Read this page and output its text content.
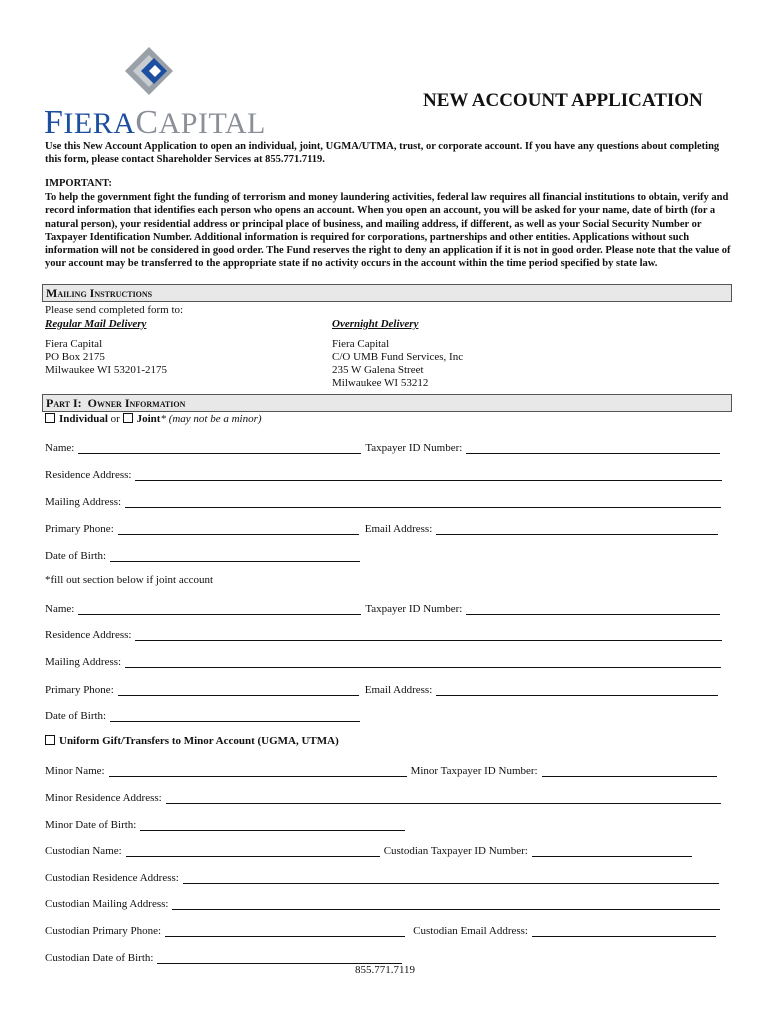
FIERACAPITAL
NEW ACCOUNT APPLICATION
Use this New Account Application to open an individual, joint, UGMA/UTMA, trust, or corporate account. If you have any questions about completing this form, please contact Shareholder Services at 855.771.7119.
IMPORTANT:
To help the government fight the funding of terrorism and money laundering activities, federal law requires all financial institutions to obtain, verify and record information that identifies each person who opens an account. When you open an account, you will be asked for your name, date of birth (for a natural person), your residential address or principal place of business, and mailing address, if different, as well as your Social Security Number or Taxpayer Identification Number. Additional information is required for corporations, partnerships and other entities. Applications without such information will not be considered in good order. The Fund reserves the right to deny an application if it is not in good order. Please note that the value of your account may be transferred to the appropriate state if no activity occurs in the account within the time period specified by state law.
Mailing Instructions
Please send completed form to:
Regular Mail Delivery	Overnight Delivery
Fiera Capital
PO Box 2175
Milwaukee WI 53201-2175
Fiera Capital
C/O UMB Fund Services, Inc
235 W Galena Street
Milwaukee WI 53212
Part I: Owner Information
Individual or Joint* (may not be a minor)
Name:	Taxpayer ID Number:
Residence Address:
Mailing Address:
Primary Phone:	Email Address:
Date of Birth:
*fill out section below if joint account
Name:	Taxpayer ID Number:
Residence Address:
Mailing Address:
Primary Phone:	Email Address:
Date of Birth:
Uniform Gift/Transfers to Minor Account (UGMA, UTMA)
Minor Name:	Minor Taxpayer ID Number:
Minor Residence Address:
Minor Date of Birth:
Custodian Name:	Custodian Taxpayer ID Number:
Custodian Residence Address:
Custodian Mailing Address:
Custodian Primary Phone:	Custodian Email Address:
Custodian Date of Birth:
855.771.7119
